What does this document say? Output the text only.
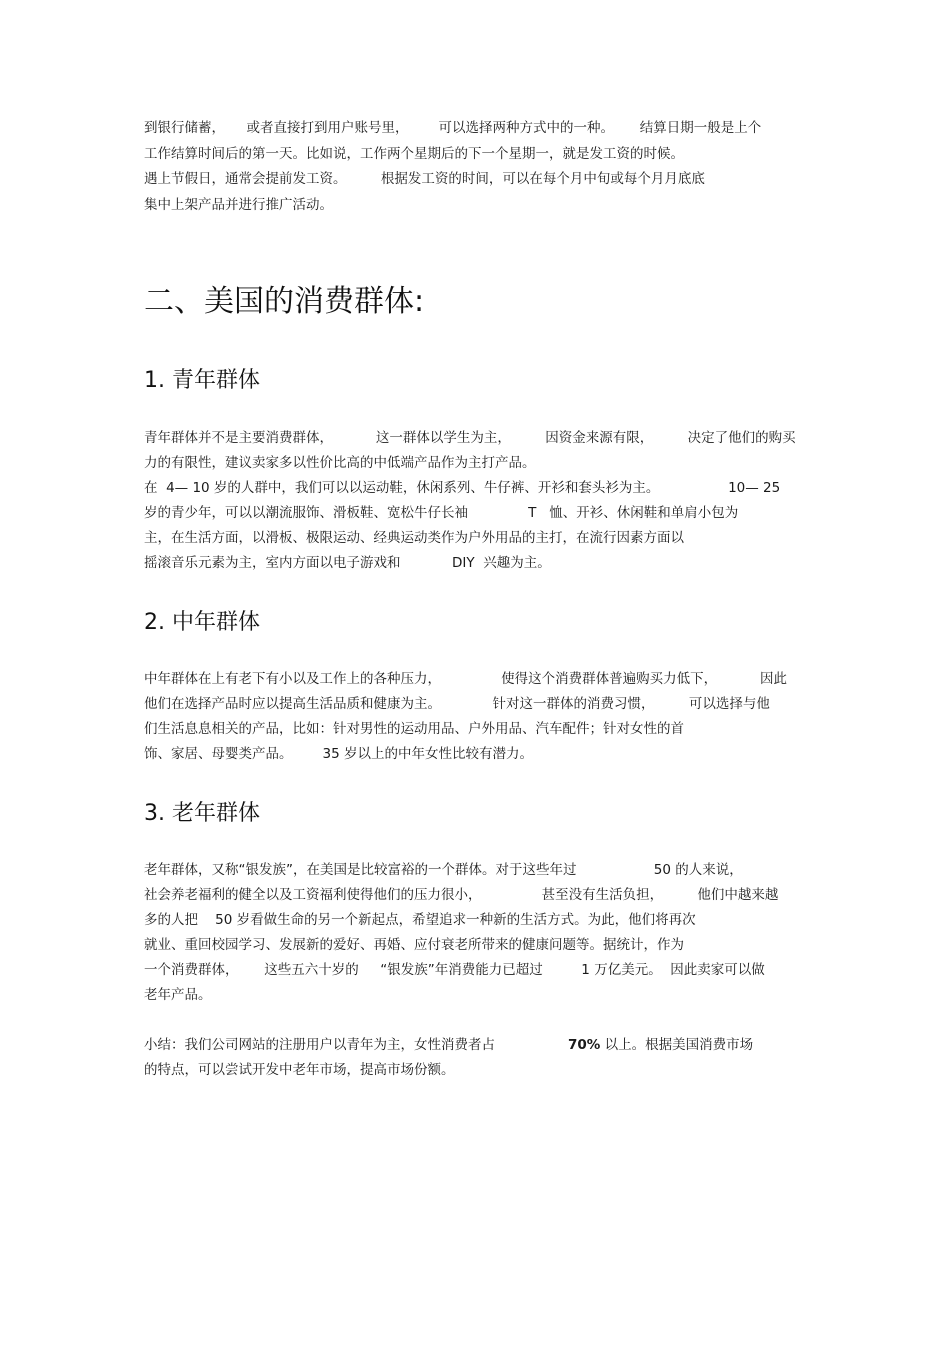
到银行储蓄，     或者直接打到用户账号里，       可以选择两种方式中的一种。      结算日期一般是上个
工作结算时间后的第一天。比如说，工作两个星期后的下一个星期一，就是发工资的时候。
遇上节假日，通常会提前发工资。        根据发工资的时间，可以在每个月中旬或每个月月底底
集中上架产品并进行推广活动。
二、美国的消费群体:
1. 青年群体
青年群体并不是主要消费群体，          这一群体以学生为主，        因资金来源有限，        决定了他们的购买
力的有限性，建议卖家多以性价比高的中低端产品作为主打产品。
在  4— 10 岁的人群中，我们可以以运动鞋，休闲系列、牛仔裤、开衫和套头衫为主。                10— 25
岁的青少年，可以以潮流服饰、滑板鞋、宽松牛仔长袖              T   恤、开衫、休闲鞋和单肩小包为
主，在生活方面，以滑板、极限运动、经典运动类作为户外用品的主打，在流行因素方面以
摇滚音乐元素为主，室内方面以电子游戏和            DIY  兴趣为主。
2. 中年群体
中年群体在上有老下有小以及工作上的各种压力，              使得这个消费群体普遍购买力低下，          因此
他们在选择产品时应以提高生活品质和健康为主。            针对这一群体的消费习惯，        可以选择与他
们生活息息相关的产品，比如：针对男性的运动用品、户外用品、汽车配件；针对女性的首
饰、家居、母婴类产品。       35 岁以上的中年女性比较有潜力。
3. 老年群体
老年群体，又称“银发族”，在美国是比较富裕的一个群体。对于这些年过                  50 的人来说，
社会养老福利的健全以及工资福利使得他们的压力很小，              甚至没有生活负担，        他们中越来越
多的人把    50 岁看做生命的另一个新起点，希望追求一种新的生活方式。为此，他们将再次
就业、重回校园学习、发展新的爱好、再婚、应付衰老所带来的健康问题等。据统计，作为
一个消费群体，      这些五六十岁的     “银发族”年消费能力已超过         1 万亿美元。  因此卖家可以做
老年产品。
小结：我们公司网站的注册用户以青年为主，女性消费者占                 70% 以上。根据美国消费市场
的特点，可以尝试开发中老年市场，提高市场份额。
